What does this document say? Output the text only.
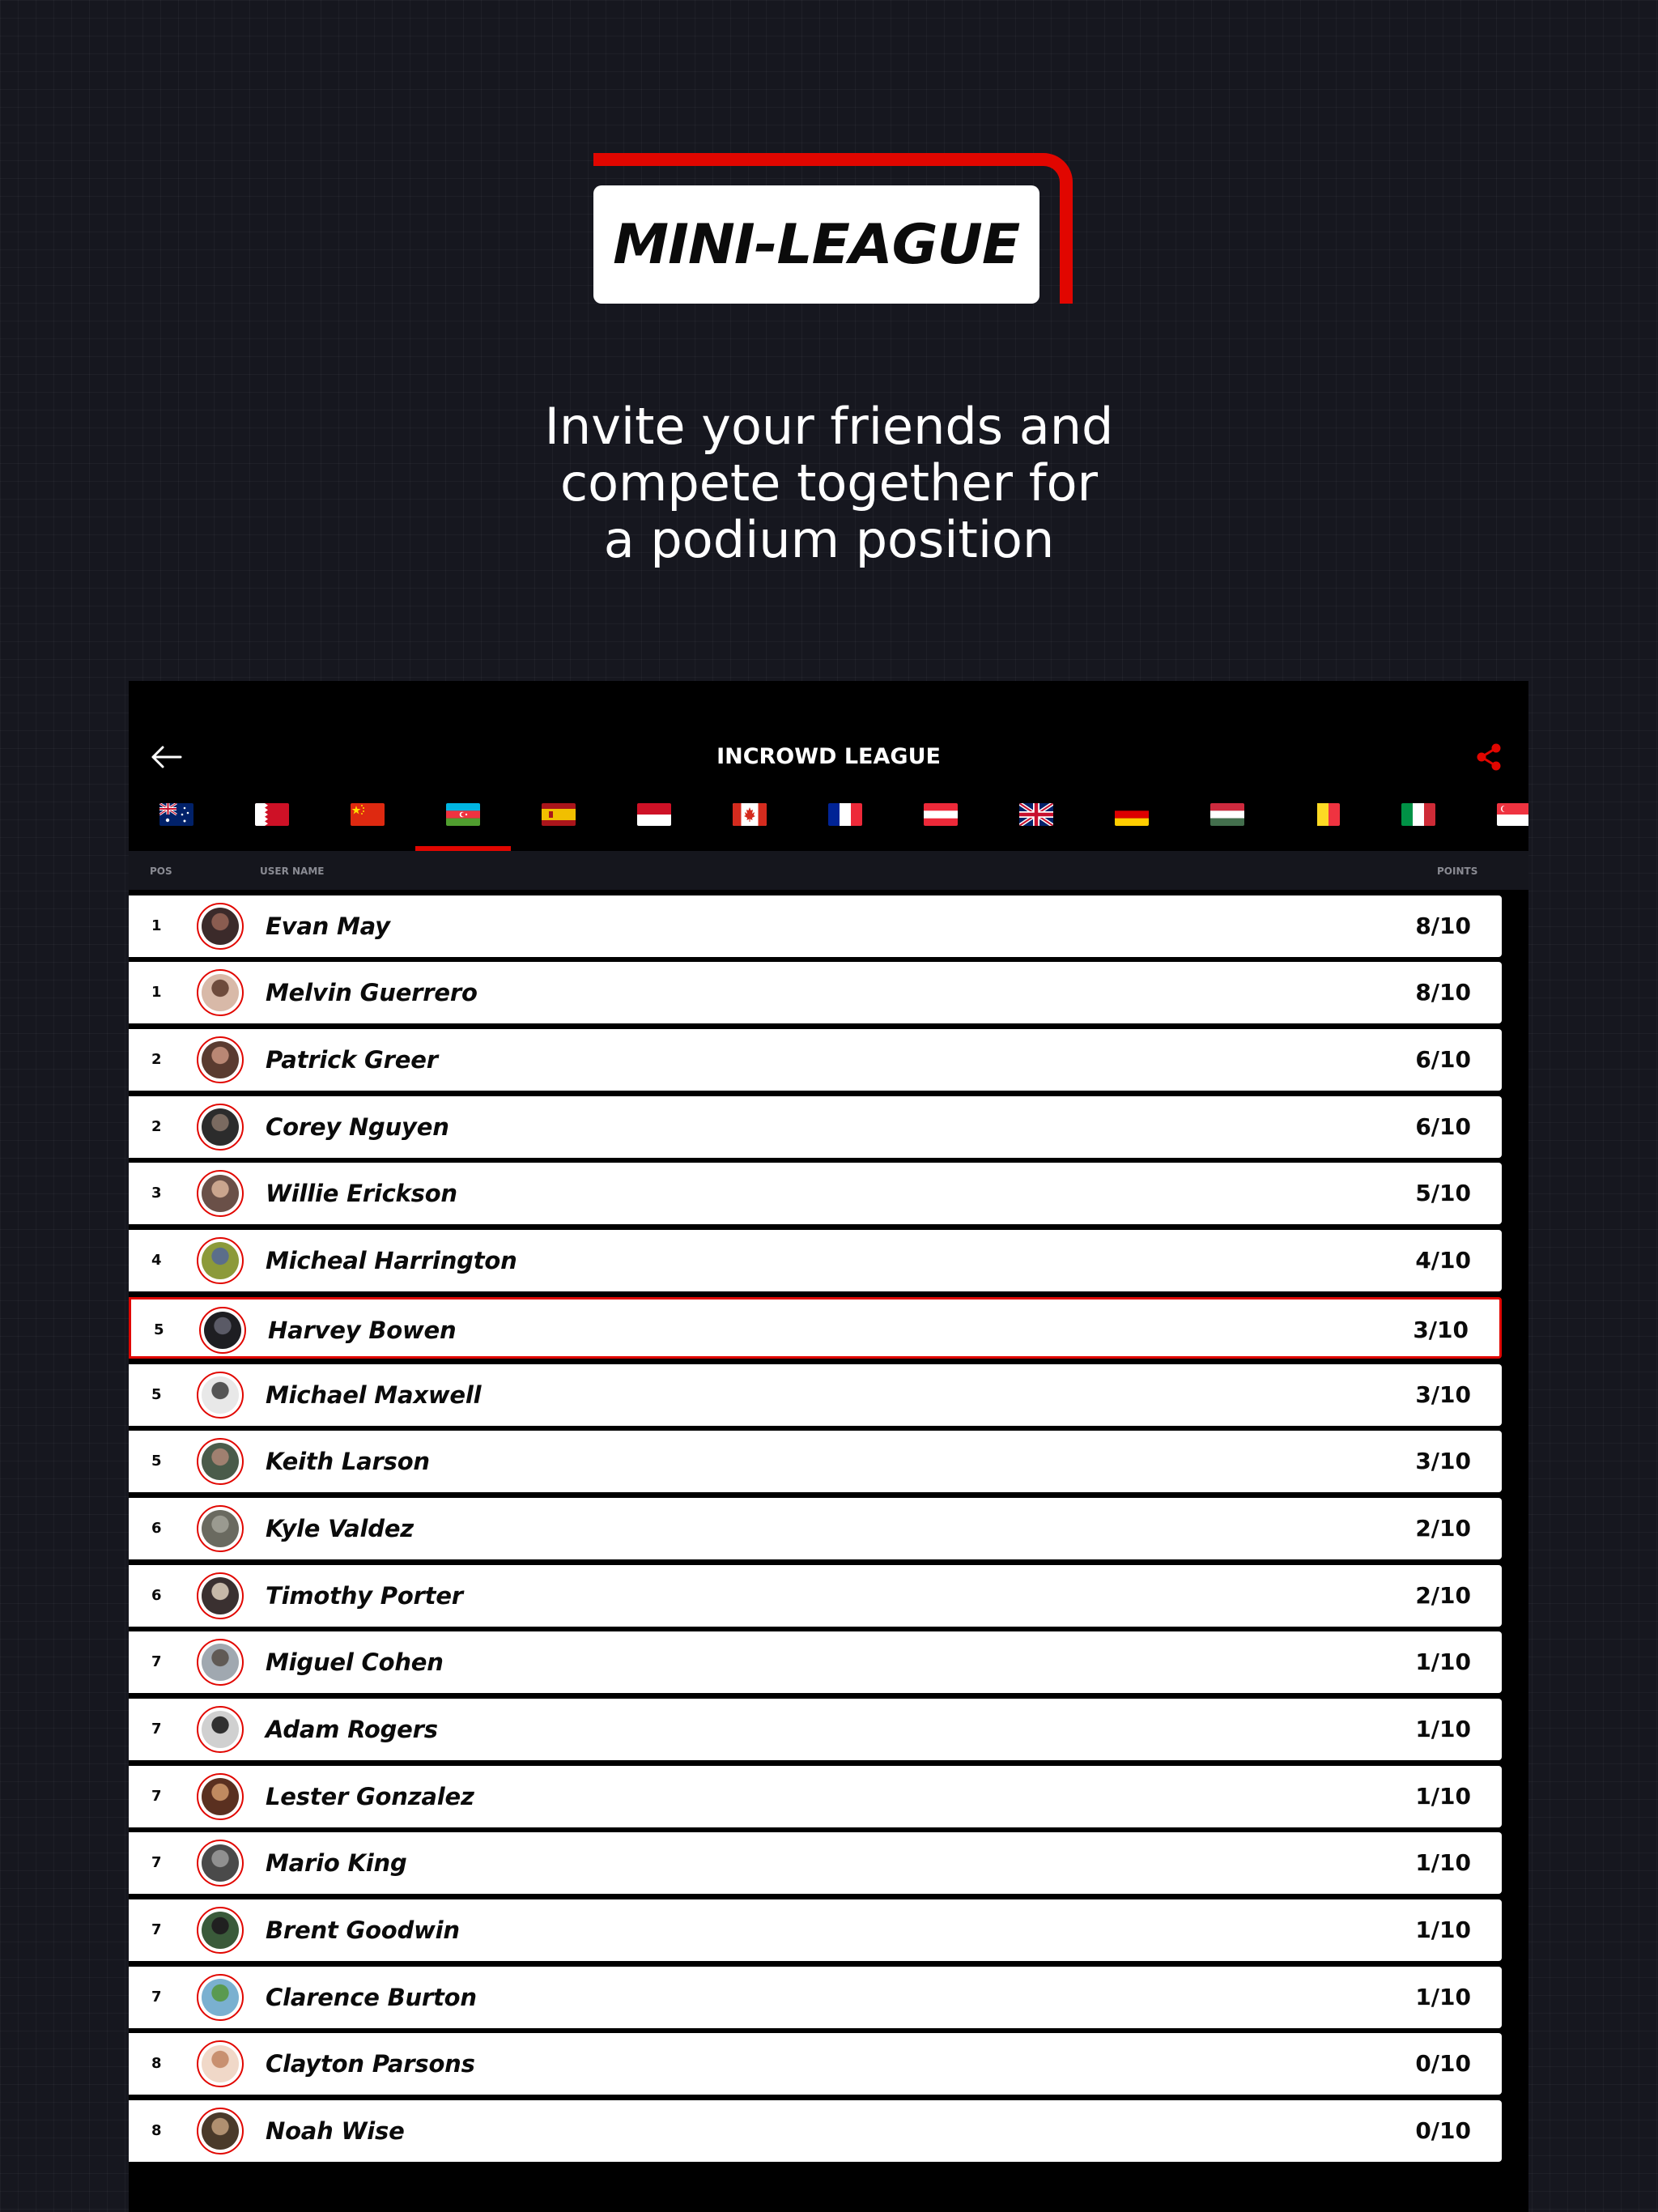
MINI-LEAGUE
Invite your friends and
compete together for
a podium position
INCROWD LEAGUE
POS	USER NAME	POINTS
1	Evan May	8/10
1	Melvin Guerrero	8/10
2	Patrick Greer	6/10
2	Corey Nguyen	6/10
3	Willie Erickson	5/10
4	Micheal Harrington	4/10
5	Harvey Bowen	3/10
5	Michael Maxwell	3/10
5	Keith Larson	3/10
6	Kyle Valdez	2/10
6	Timothy Porter	2/10
7	Miguel Cohen	1/10
7	Adam Rogers	1/10
7	Lester Gonzalez	1/10
7	Mario King	1/10
7	Brent Goodwin	1/10
7	Clarence Burton	1/10
8	Clayton Parsons	0/10
8	Noah Wise	0/10
